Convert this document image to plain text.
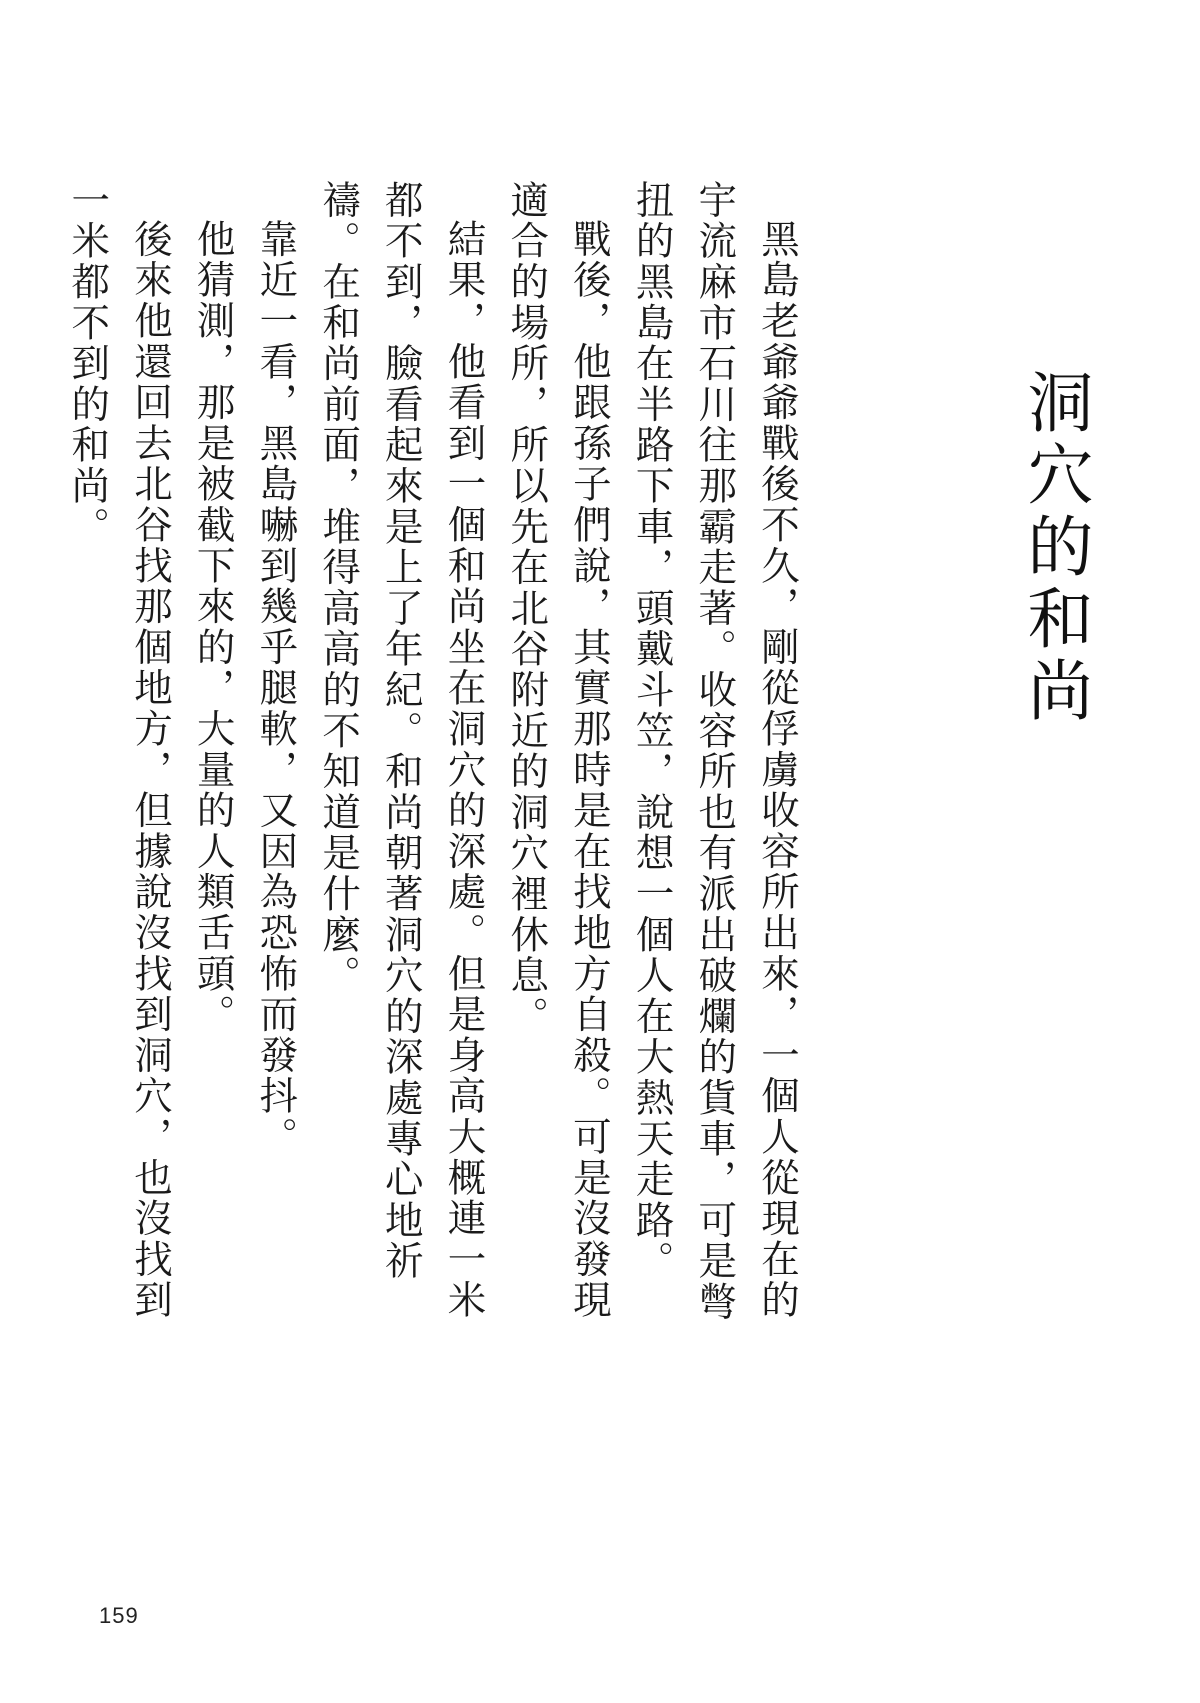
洞穴的和尚

黑島老爺爺戰後不久，剛從俘虜收容所出來，一個人從現在的宇流麻市石川往那霸走著。收容所也有派出破爛的貨車，可是彆扭的黑島在半路下車，頭戴斗笠，說想一個人在大熱天走路。

戰後，他跟孫子們說，其實那時是在找地方自殺。可是沒發現適合的場所，所以先在北谷附近的洞穴裡休息。

結果，他看到一個和尚坐在洞穴的深處。但是身高大概連一米都不到，臉看起來是上了年紀。和尚朝著洞穴的深處專心地祈禱。在和尚前面，堆得高高的不知道是什麼。

靠近一看，黑島嚇到幾乎腿軟，又因為恐怖而發抖。

他猜測，那是被截下來的，大量的人類舌頭。

後來他還回去北谷找那個地方，但據說沒找到洞穴，也沒找到一米都不到的和尚。

159
